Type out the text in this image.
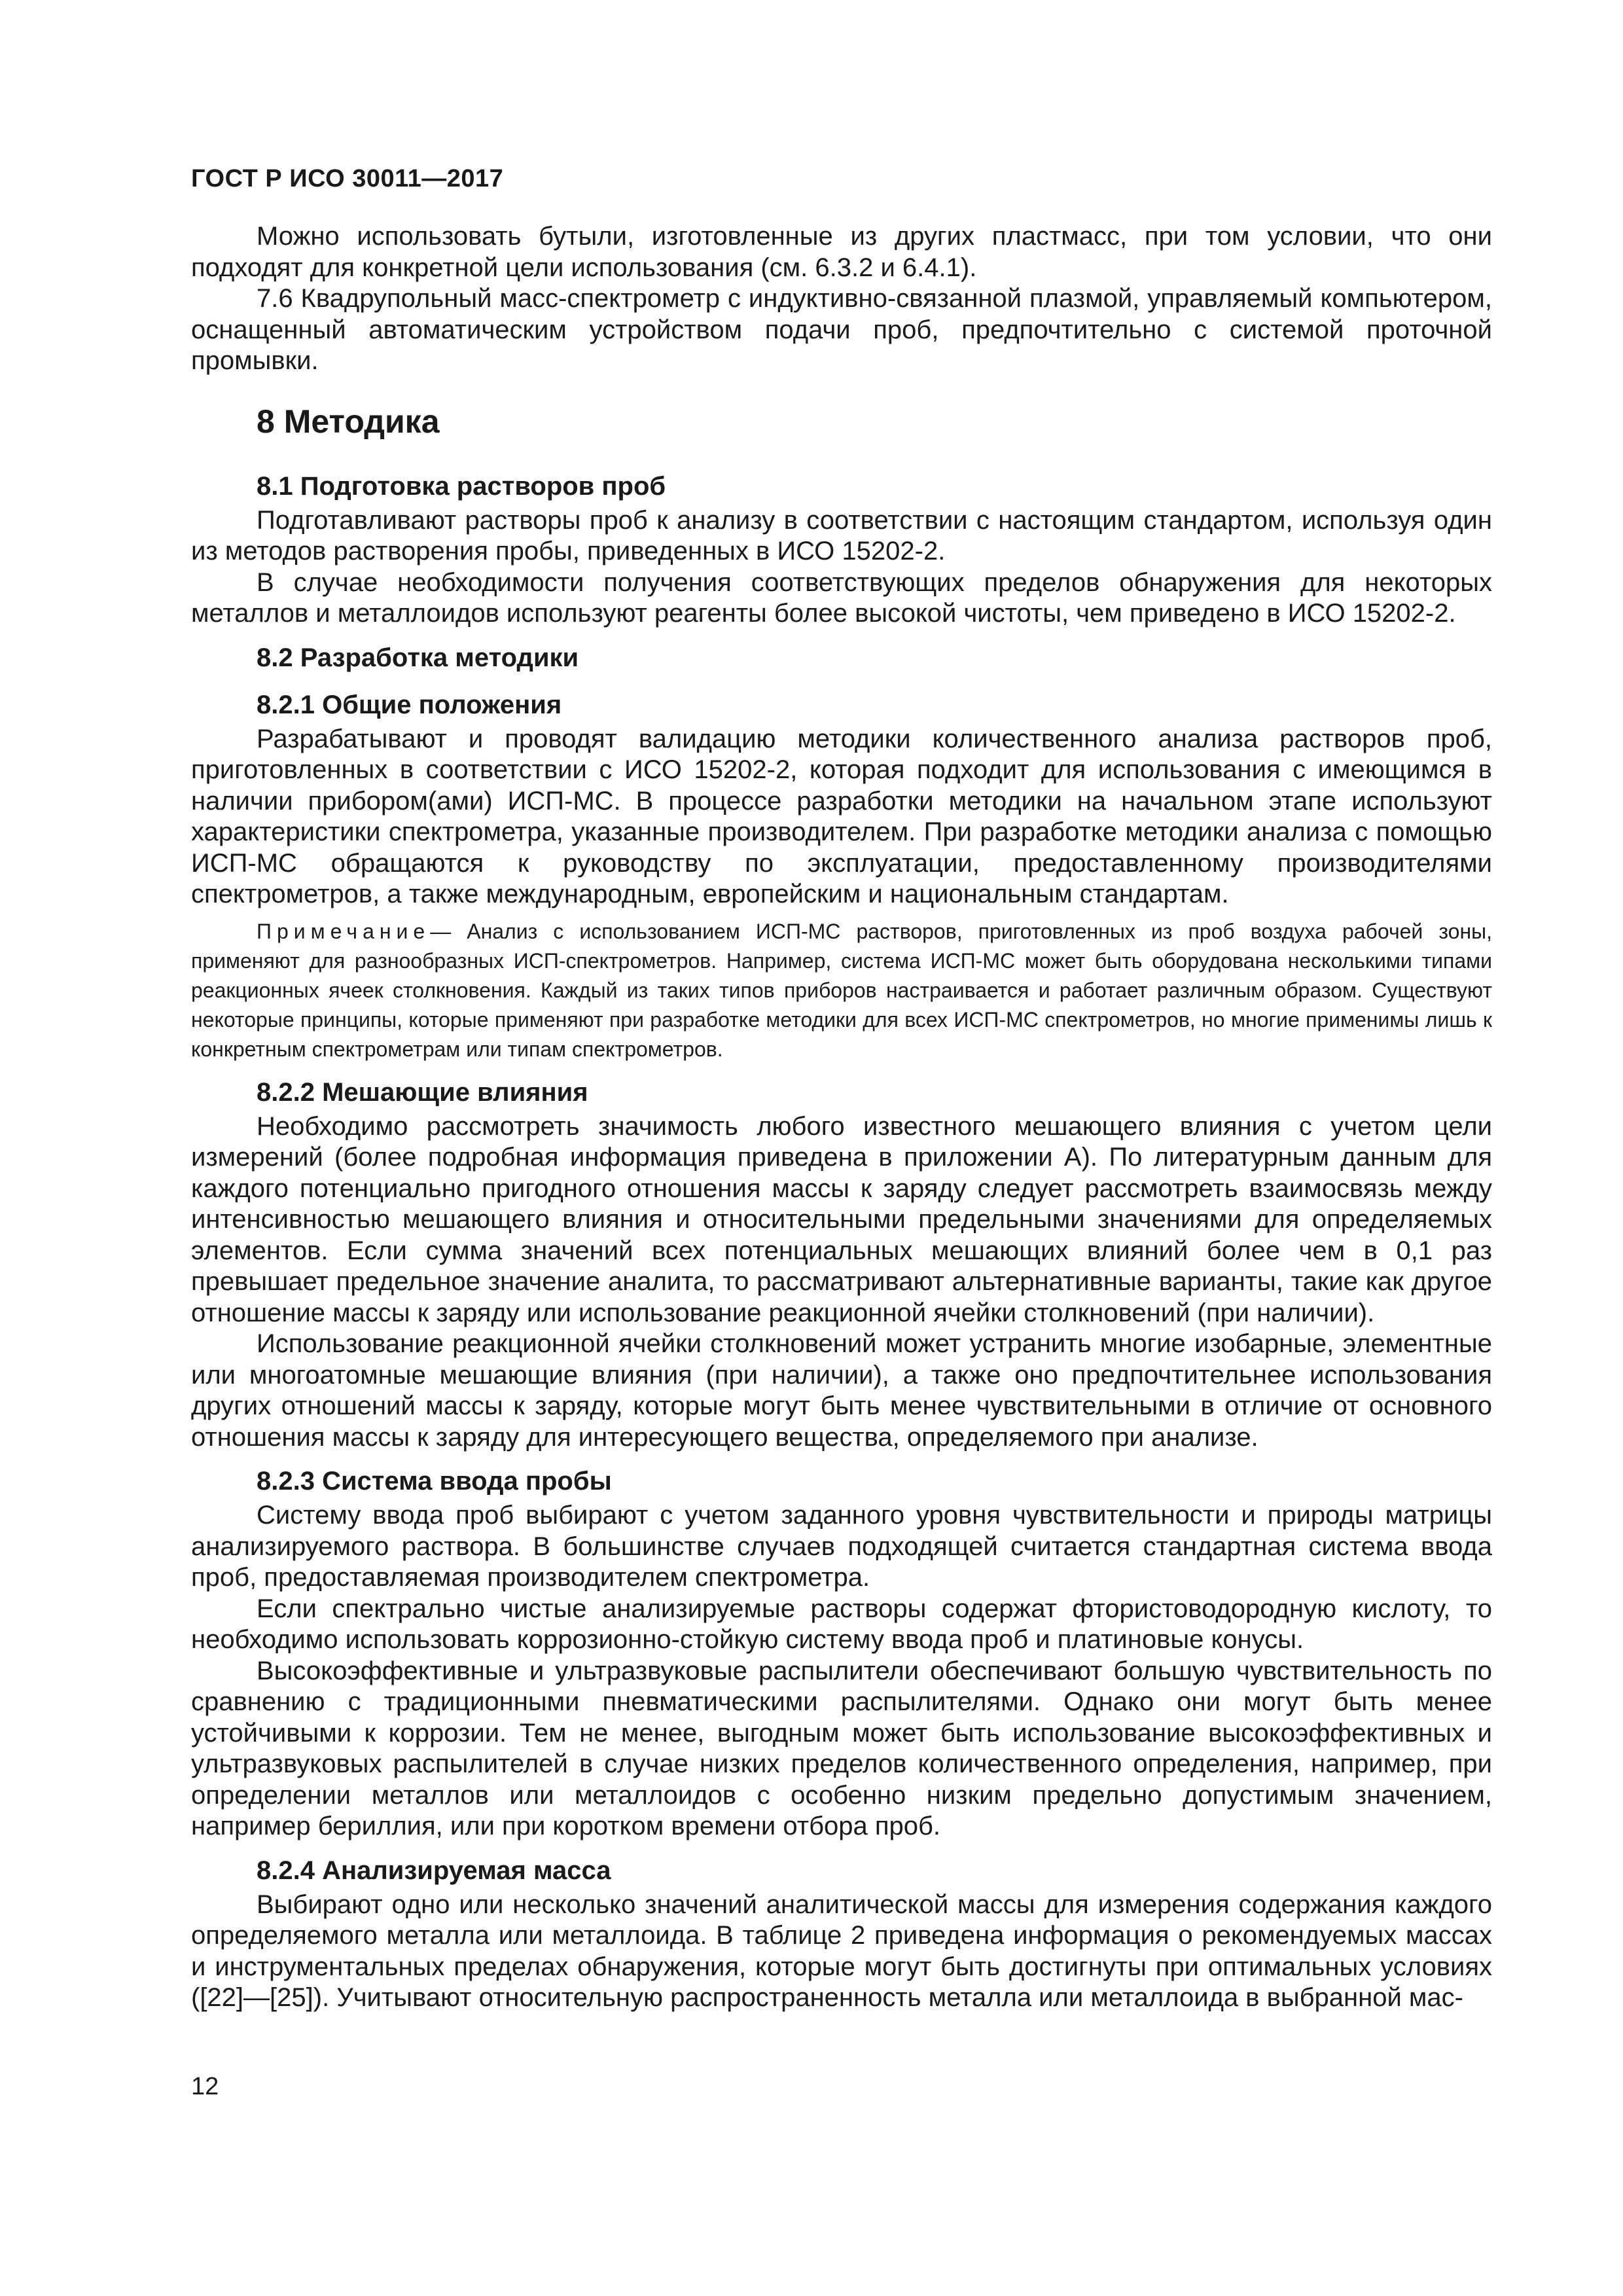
ГОСТ Р ИСО 30011—2017

Можно использовать бутыли, изготовленные из других пластмасс, при том условии, что они подходят для конкретной цели использования (см. 6.3.2 и 6.4.1).

7.6 Квадрупольный масс-спектрометр с индуктивно-связанной плазмой, управляемый компьютером, оснащенный автоматическим устройством подачи проб, предпочтительно с системой проточной промывки.

8 Методика
8.1 Подготовка растворов проб

Подготавливают растворы проб к анализу в соответствии с настоящим стандартом, используя один из методов растворения пробы, приведенных в ИСО 15202-2.

В случае необходимости получения соответствующих пределов обнаружения для некоторых металлов и металлоидов используют реагенты более высокой чистоты, чем приведено в ИСО 15202-2.

8.2 Разработка методики
8.2.1 Общие положения

Разрабатывают и проводят валидацию методики количественного анализа растворов проб, приготовленных в соответствии с ИСО 15202-2, которая подходит для использования с имеющимся в наличии прибором(ами) ИСП-МС. В процессе разработки методики на начальном этапе используют характеристики спектрометра, указанные производителем. При разработке методики анализа с помощью ИСП-МС обращаются к руководству по эксплуатации, предоставленному производителями спектрометров, а также международным, европейским и национальным стандартам.

Примечание— Анализ с использованием ИСП-МС растворов, приготовленных из проб воздуха рабочей зоны, применяют для разнообразных ИСП-спектрометров. Например, система ИСП-МС может быть оборудована несколькими типами реакционных ячеек столкновения. Каждый из таких типов приборов настраивается и работает различным образом. Существуют некоторые принципы, которые применяют при разработке методики для всех ИСП-МС спектрометров, но многие применимы лишь к конкретным спектрометрам или типам спектрометров.

8.2.2 Мешающие влияния

Необходимо рассмотреть значимость любого известного мешающего влияния с учетом цели измерений (более подробная информация приведена в приложении А). По литературным данным для каждого потенциально пригодного отношения массы к заряду следует рассмотреть взаимосвязь между интенсивностью мешающего влияния и относительными предельными значениями для определяемых элементов. Если сумма значений всех потенциальных мешающих влияний более чем в 0,1 раз превышает предельное значение аналита, то рассматривают альтернативные варианты, такие как другое отношение массы к заряду или использование реакционной ячейки столкновений (при наличии).

Использование реакционной ячейки столкновений может устранить многие изобарные, элементные или многоатомные мешающие влияния (при наличии), а также оно предпочтительнее использования других отношений массы к заряду, которые могут быть менее чувствительными в отличие от основного отношения массы к заряду для интересующего вещества, определяемого при анализе.

8.2.3 Система ввода пробы

Систему ввода проб выбирают с учетом заданного уровня чувствительности и природы матрицы анализируемого раствора. В большинстве случаев подходящей считается стандартная система ввода проб, предоставляемая производителем спектрометра.

Если спектрально чистые анализируемые растворы содержат фтористоводородную кислоту, то необходимо использовать коррозионно-стойкую систему ввода проб и платиновые конусы.

Высокоэффективные и ультразвуковые распылители обеспечивают большую чувствительность по сравнению с традиционными пневматическими распылителями. Однако они могут быть менее устойчивыми к коррозии. Тем не менее, выгодным может быть использование высокоэффективных и ультразвуковых распылителей в случае низких пределов количественного определения, например, при определении металлов или металлоидов с особенно низким предельно допустимым значением, например бериллия, или при коротком времени отбора проб.

8.2.4 Анализируемая масса

Выбирают одно или несколько значений аналитической массы для измерения содержания каждого определяемого металла или металлоида. В таблице 2 приведена информация о рекомендуемых массах и инструментальных пределах обнаружения, которые могут быть достигнуты при оптимальных условиях ([22]—[25]). Учитывают относительную распространенность металла или металлоида в выбранной мас-

12
